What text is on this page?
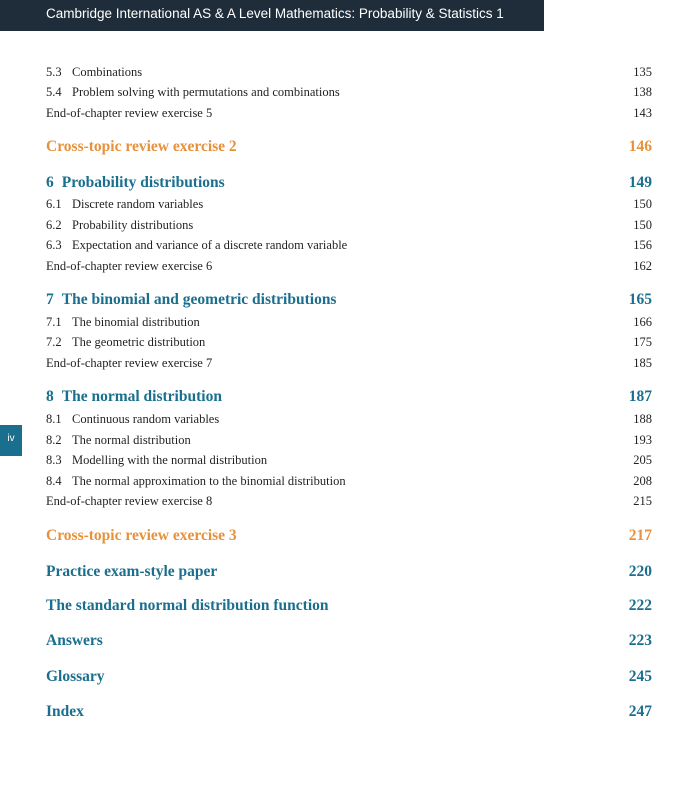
Cambridge International AS & A Level Mathematics: Probability & Statistics 1
iv
5.3 Combinations	135
5.4 Problem solving with permutations and combinations	138
End-of-chapter review exercise 5	143
Cross-topic review exercise 2	146
6 Probability distributions	149
6.1 Discrete random variables	150
6.2 Probability distributions	150
6.3 Expectation and variance of a discrete random variable	156
End-of-chapter review exercise 6	162
7 The binomial and geometric distributions	165
7.1 The binomial distribution	166
7.2 The geometric distribution	175
End-of-chapter review exercise 7	185
8 The normal distribution	187
8.1 Continuous random variables	188
8.2 The normal distribution	193
8.3 Modelling with the normal distribution	205
8.4 The normal approximation to the binomial distribution	208
End-of-chapter review exercise 8	215
Cross-topic review exercise 3	217
Practice exam-style paper	220
The standard normal distribution function	222
Answers	223
Glossary	245
Index	247
